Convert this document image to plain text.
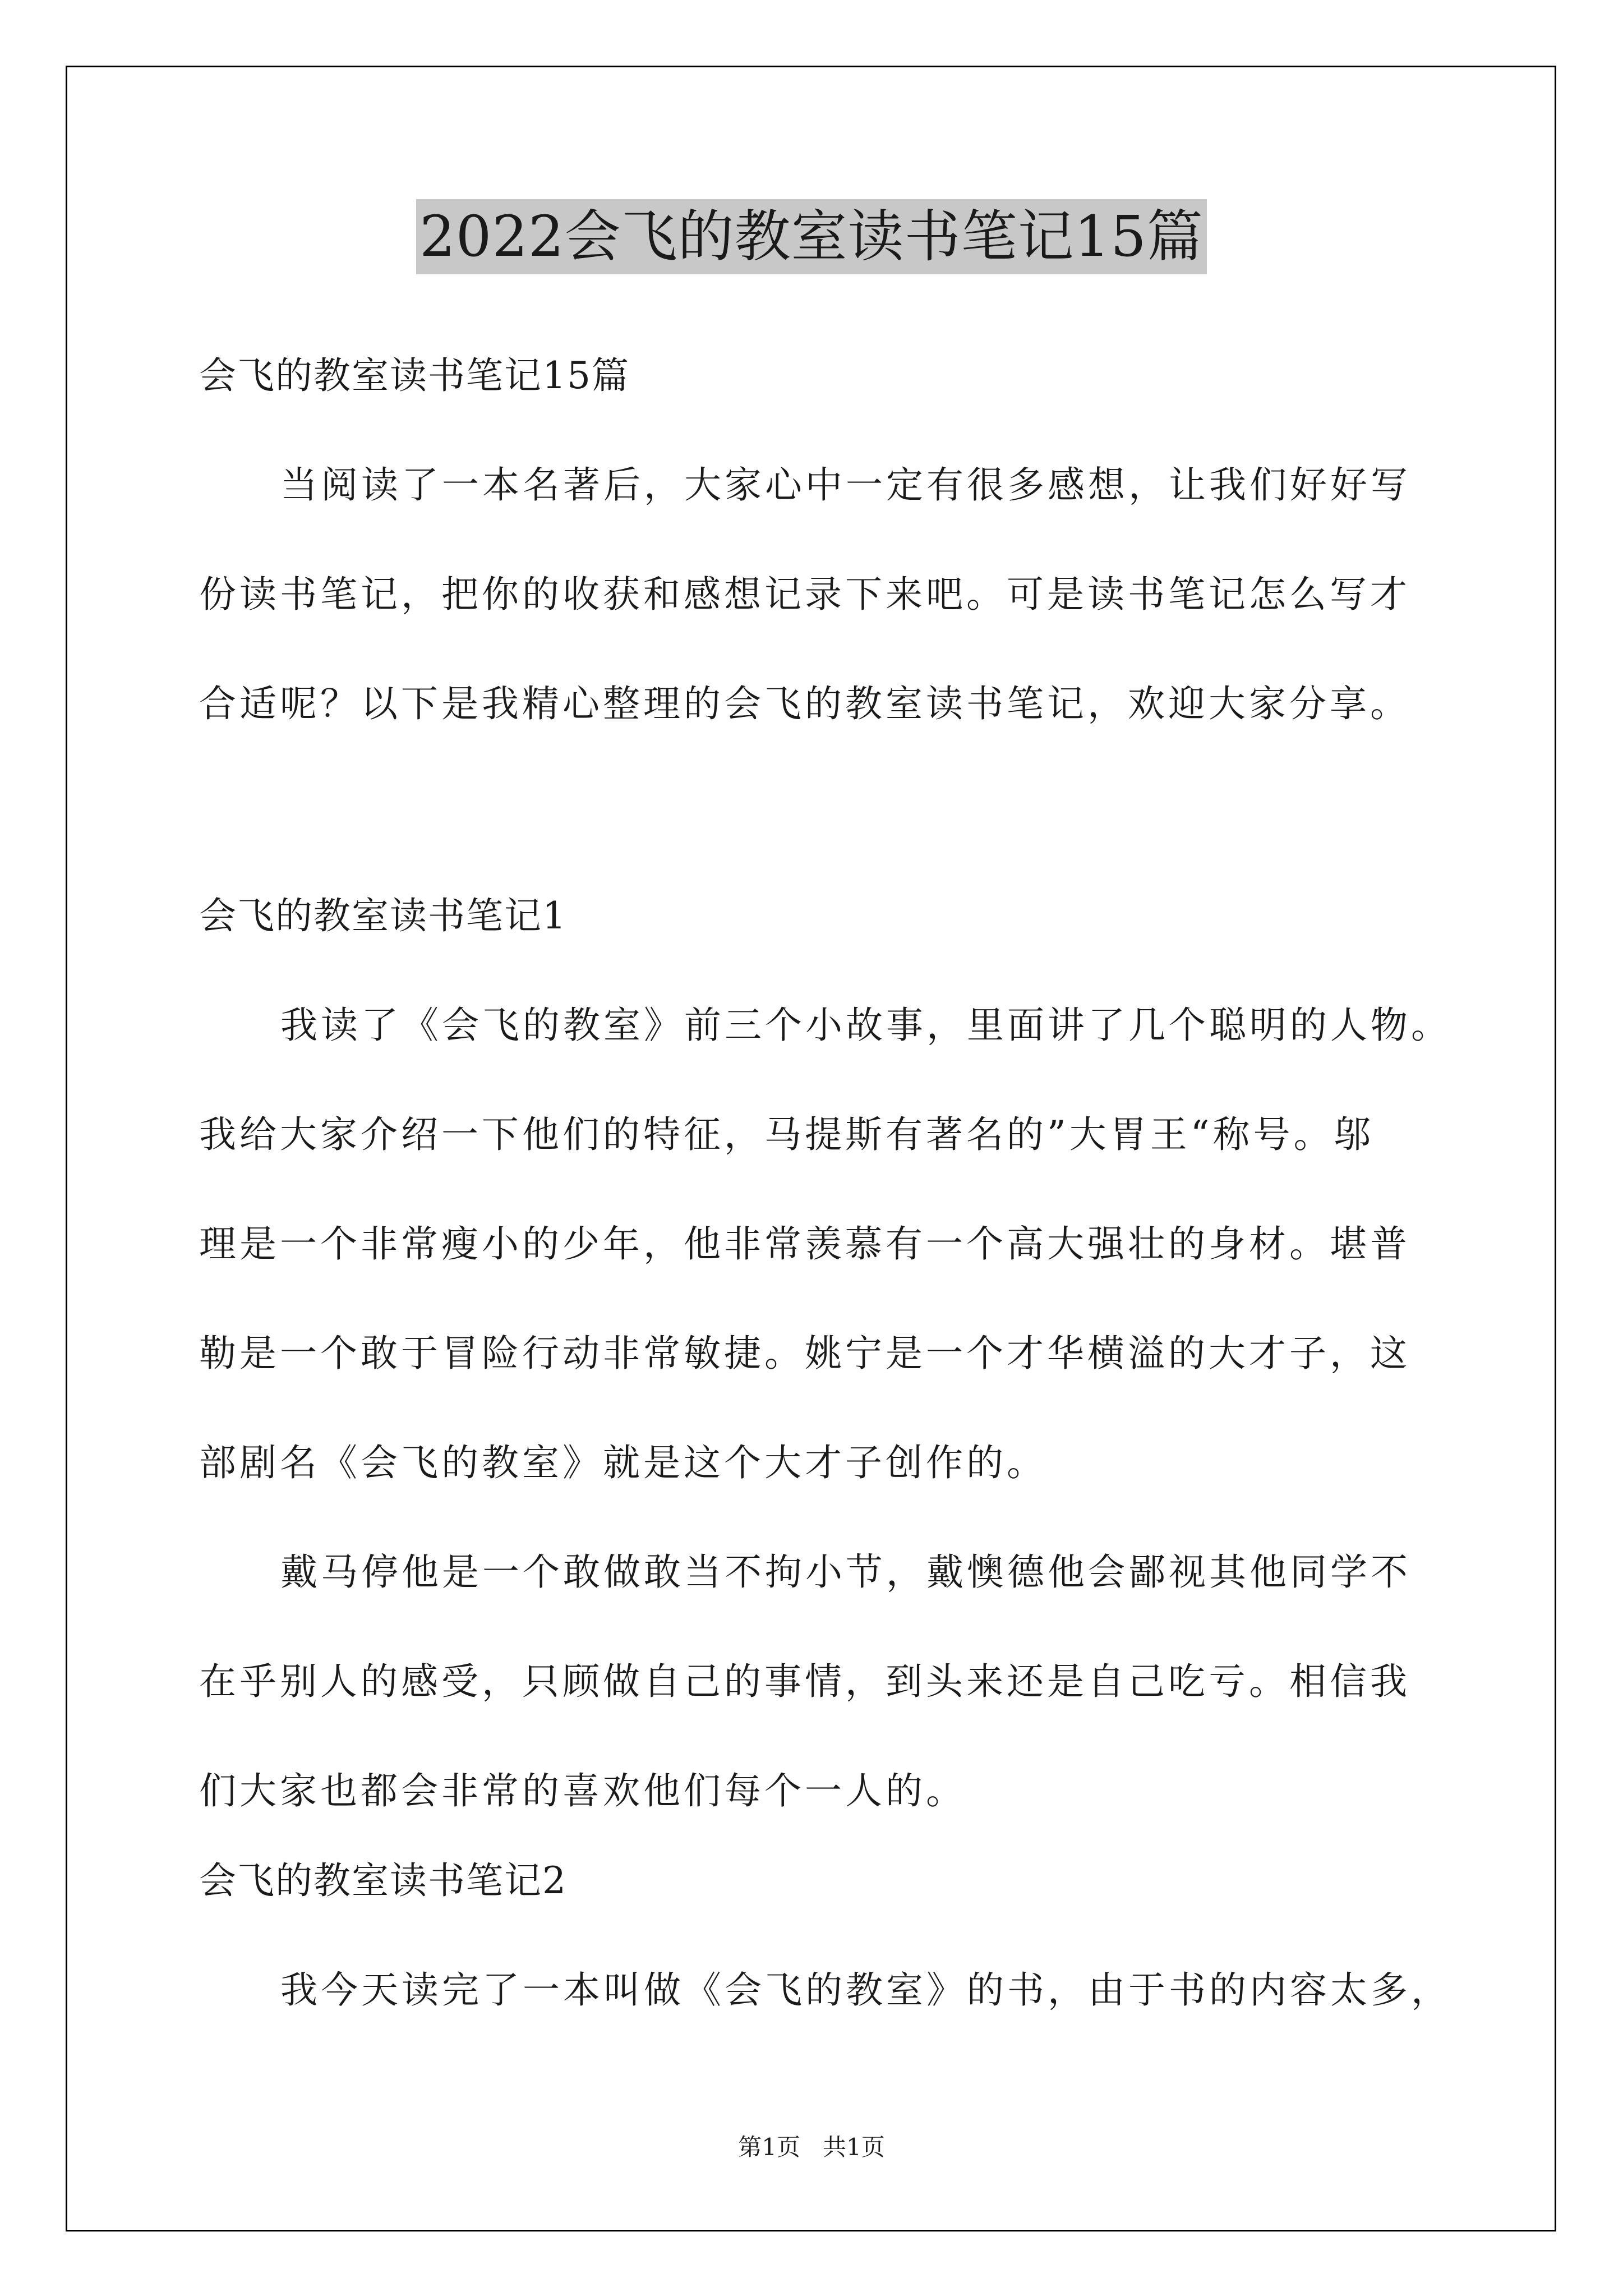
2022会飞的教室读书笔记15篇
会飞的教室读书笔记15篇
当阅读了一本名著后，大家心中一定有很多感想，让我们好好写
份读书笔记，把你的收获和感想记录下来吧。可是读书笔记怎么写才
合适呢？以下是我精心整理的会飞的教室读书笔记，欢迎大家分享。
会飞的教室读书笔记1
我读了《会飞的教室》前三个小故事，里面讲了几个聪明的人物。
我给大家介绍一下他们的特征，马提斯有著名的”大胃王“称号。邬
理是一个非常瘦小的少年，他非常羡慕有一个高大强壮的身材。堪普
勒是一个敢于冒险行动非常敏捷。姚宁是一个才华横溢的大才子，这
部剧名《会飞的教室》就是这个大才子创作的。
戴马停他是一个敢做敢当不拘小节，戴懊德他会鄙视其他同学不
在乎别人的感受，只顾做自己的事情，到头来还是自己吃亏。相信我
们大家也都会非常的喜欢他们每个一人的。
会飞的教室读书笔记2
我今天读完了一本叫做《会飞的教室》的书，由于书的内容太多，
第1页   共1页
